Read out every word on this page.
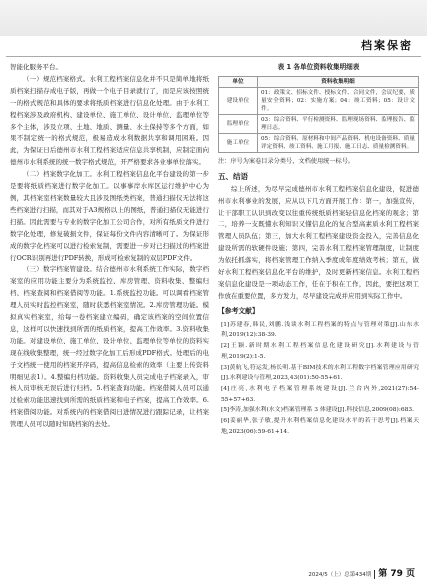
档案保密

智能化服务平台。

（一）规范档案格式。水利工程档案信息化并不只是简单地将纸质档案扫描存成电子版，再做一个电子目录就行了，而是应该按照统一的格式规范和具体的要求将纸质档案进行信息化处理。由于水利工程档案涉及政府机构、建设单位、施工单位、设计单位、监理单位等多个主体，涉及立项、土地、地质、测量、水土保持等多个方面，如果不制定统一的格式规范，极易造成水利数据共享和调用困难。因此，为保证日后德州市水利工程档案适应信息共享机制，应制定面向德州市水利系统的统一数字格式规范，开严格要求各业事单位落实。

（二）档案数字化加工。水利工程档案信息化平台建设的第一步是要将纸质档案进行数字化加工。以事事岸水库区运行维护中心为例，其档案室档案数量较大且涉及图纸类档案，普通扫描仪无法将这些档案进行扫描，而其对于A3规格以上的图纸，普通扫描仪无能进行扫描。因此需要与专业的数字化加工公司合作，对所有纸质文件进行数字化处理，修复破损文件，保证每份文件内容清晰可了。为保证形成的数字化档案可以进行检索复制，需要进一步对已扫描过的档案进行OCR识别再进行PDF转换，形成可检索复制的双层PDF文件。

（三）数字档案管建设。结合德州市水利系统工作实际，数字档案室的应用功能主要分为系统监控、库房管理、资料收集、整编归档、档案查阅和档案借阅等功能。1.系统监控功能。可以调看档案管理人员实时监控档案室，随时获悉档案室情况。2.库房管理功能。模拟真实档案室，给每一卷档案建立编码，确定该档案的空间位置信息，这样可以快速找到所需的纸质档案，提高工作效率。3.资料收集功能。对建设单位、施工单位、设计单位、监理单位等单位的资料实现在线收集整理，统一经过数字化加工后形成PDF格式。处理后的电子文档统一使用的档案开序码，提高信息检索的效率（主要上传资料明细见表1）。4.整编归档功能。资料收集人员完成电子档案录入，审核人员审核无误后进行归档。5.档案查询功能。档案借阅人员可以通过检索功能迅速找到所需的纸质档案和电子档案，提高工作效率。6.档案借阅功能。对系统内的档案借阅日进情况进行跟踪记录，让档案管理人员可以随时知晓档案的去处。

表 1 各单位资料收集明细表
单位	资料收集明细
建设单位	01：政策文、招标文件、授标文件、合同文件，会议纪要，质量安全资料；02：实施方案；04：竣工资料；05：设计文件。
监理单位	03：综合资料、平行检测资料、监理现场资料、监理报告、监理日志。
施工单位	05：综合资料、原材料和中间产品资料、机电设备资料、质量评定资料、竣工资料、施工月报、施工日志、质量检测资料。
注：序号为案卷目录分类号，文档使用统一标号。
五、结语

综上所述，为尽早完成德州市水利工程档案信息化建设，促进德州市水利事业的发展，应从以下几方面开展工作：第一，加强宣传，让干部职工认识到改变以往重传统纸质档案轻信息化档案的观念；第二，培养一支既懂水利知识又懂信息化的复合型高素质水利工程档案管理人员队伍；第三，加大水利工程档案建设资金投入，完善信息化建设所需的软硬件设施；第四，完善水利工程档案管理制度，让制度为依托抓落实，将档案管理工作纳入季度或年度绩效考核；第五，做好水利工程档案信息化平台的维护，及时更新档案信息。水利工程档案信息化建设是一项动态工作，任在于积在工作，因此，要把这项工作放在重要位置，多方发力，尽早建设完成并应用到实际工作中。

【参考文献】

[1]苏建春,韩民,刘鹏.浅谈水利工程档案的特点与管理对策[J].山东水利,2019(12):38-39.

[2]王颖.新时期水利工程档案信息化建设研究[J].水利建设与管理,2019(2):1-5.

[3]黄航飞,符运发,杨长明.基于BIM技术的水利工程数字档案管理应用研究[J].水利建设与管理,2023,43(01):50-55+61.

[4]庄亮,水利电子档案管理系统建设[J].兰台内外,2021(27):54-55+57+63.

[5]李涛,加强水利(水文)档案管理系 3 体建设[J].科技信息,2009(08):683.

[6]姜丽华,张子敏,提升水利档案信息化建设水平的若干思考[J].档案天地,2023(06):59-61+14.

2024/5（上）总第434期 第 79 页
